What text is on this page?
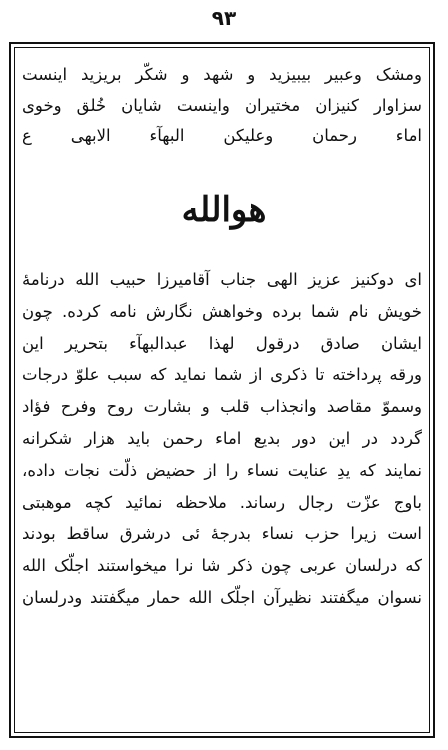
۹۳
ومشک وعبیر بیبیزید و شهد و شکّر بریزید اینست
سزاوار کنیزان مختیران واینست شایان خُلق وخوی
اماء رحمان وعلیکن البهآء الابهی ع
هوالله
ای دوکنیز عزیز الهی جناب آقامیرزا حبیب الله درنامهٔ
خویش نام شما برده وخواهش نگارش نامه کرده. چون
ایشان صادق درقول لهذا عبدالبهآء بتحریر این
ورقه پرداخته تا ذکری از شما نماید که سبب علوّ درجات
وسموّ مقاصد وانجذاب قلب و بشارت روح وفرح فؤاد
گردد در این دور بدیع اماء رحمن باید هزار شکرانه
نمایند که یدِ عنایت نساء را از حضیض ذلّت نجات داده،
باوج عزّت رجال رساند. ملاحظه نمائید کچه موهبتی
است زیرا حزب نساء بدرجهٔ ئی درشرق ساقط بودند
که درلسان عربی چون ذکر شا نرا میخواستند اجلّک الله
نسوان میگفتند نظیرآن اجلّک الله حمار میگفتند ودرلسان
